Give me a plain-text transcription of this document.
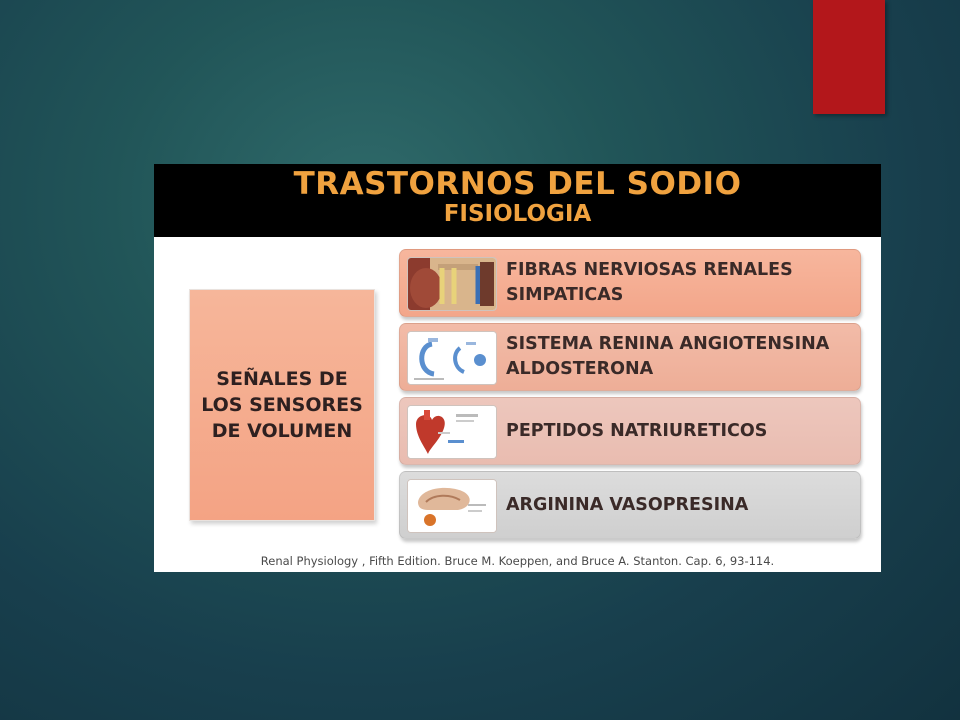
TRASTORNOS DEL SODIO
FISIOLOGIA
SEÑALES DE
LOS SENSORES
DE VOLUMEN
FIBRAS NERVIOSAS RENALES
SIMPATICAS
SISTEMA RENINA ANGIOTENSINA
ALDOSTERONA
PEPTIDOS NATRIURETICOS
ARGININA VASOPRESINA
Renal Physiology , Fifth Edition. Bruce M. Koeppen, and Bruce A. Stanton. Cap. 6, 93-114.
